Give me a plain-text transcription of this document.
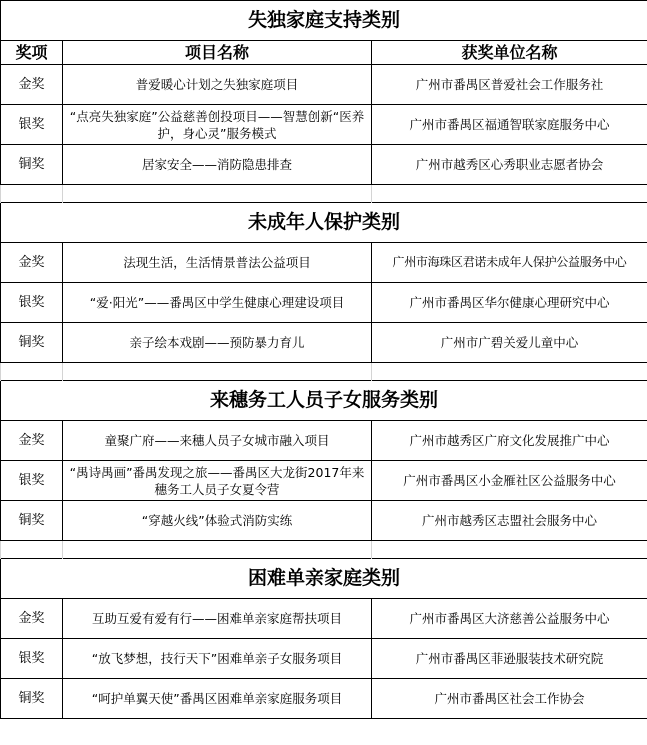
失独家庭支持类别		
奖项	项目名称	获奖单位名称
金奖	普爱暖心计划之失独家庭项目	广州市番禺区普爱社会工作服务社
银奖	“点亮失独家庭”公益慈善创投项目——智慧创新“医养护，身心灵”服务模式	广州市番禺区福通智联家庭服务中心
铜奖	居家安全——消防隐患排查	广州市越秀区心秀职业志愿者协会

未成年人保护类别		
金奖	法现生活，生活情景普法公益项目	广州市海珠区君诺未成年人保护公益服务中心
银奖	“爱·阳光”——番禺区中学生健康心理建设项目	广州市番禺区华尔健康心理研究中心
铜奖	亲子绘本戏剧——预防暴力育儿	广州市广碧关爱儿童中心

来穗务工人员子女服务类别		
金奖	童聚广府——来穗人员子女城市融入项目	广州市越秀区广府文化发展推广中心
银奖	“禺诗禺画”番禺发现之旅——番禺区大龙街2017年来穗务工人员子女夏令营	广州市番禺区小金雁社区公益服务中心
铜奖	“穿越火线”体验式消防实练	广州市越秀区志盟社会服务中心

困难单亲家庭类别		
金奖	互助互爱有爱有行——困难单亲家庭帮扶项目	广州市番禺区大济慈善公益服务中心
银奖	“放飞梦想，技行天下”困难单亲子女服务项目	广州市番禺区菲逊服装技术研究院
铜奖	“呵护单翼天使”番禺区困难单亲家庭服务项目	广州市番禺区社会工作协会
